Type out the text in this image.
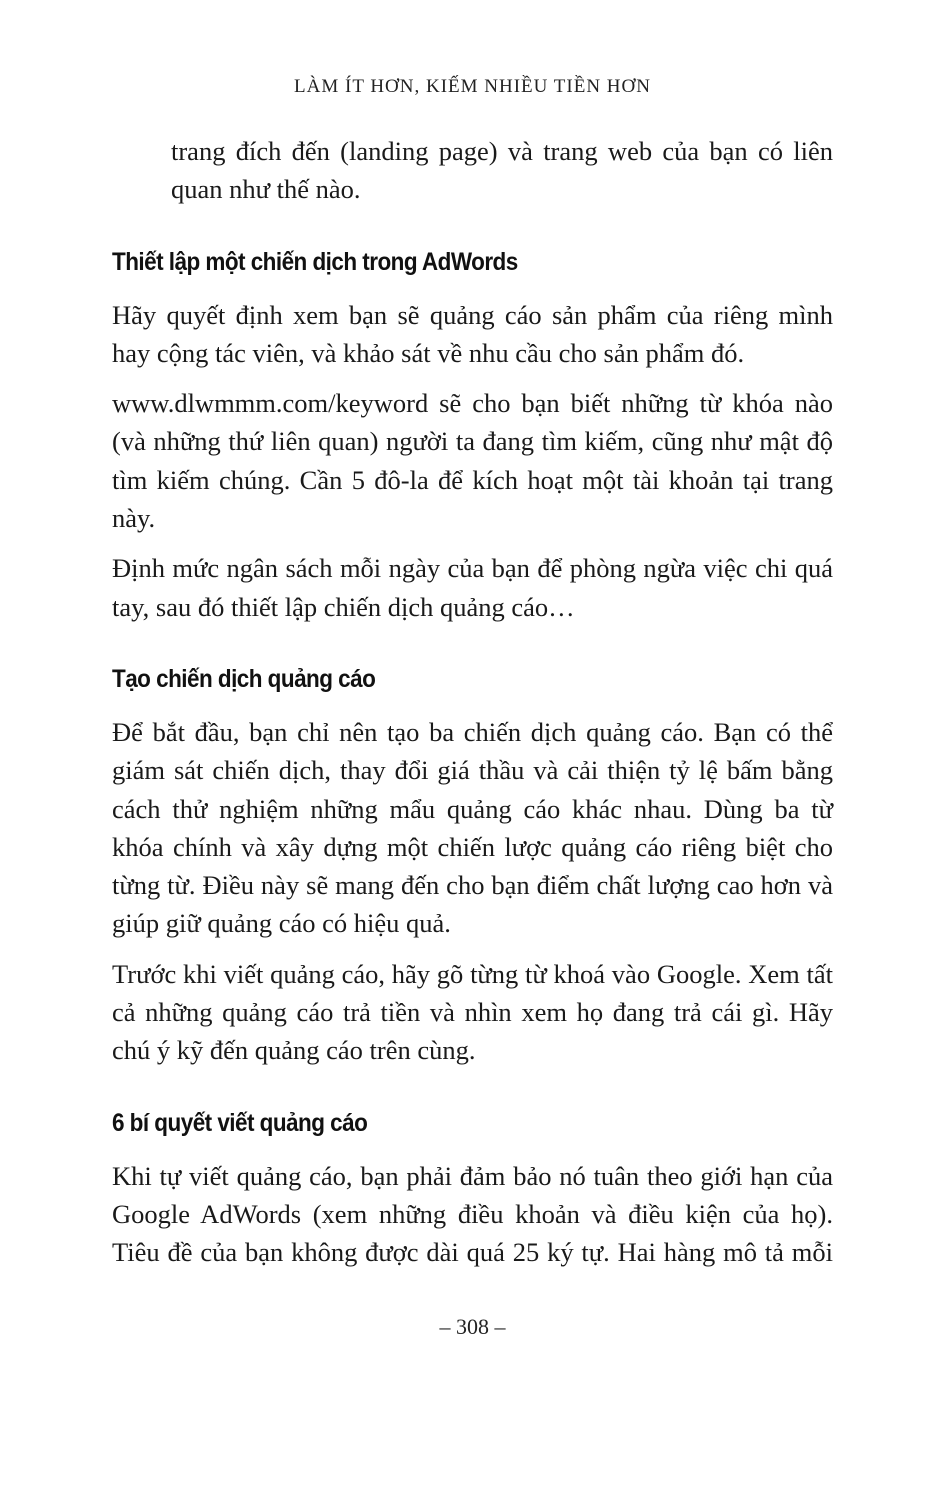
LÀM ÍT HƠN, KIẾM NHIỀU TIỀN HƠN

trang đích đến (landing page) và trang web của bạn có liên quan như thế nào.

Thiết lập một chiến dịch trong AdWords

Hãy quyết định xem bạn sẽ quảng cáo sản phẩm của riêng mình hay cộng tác viên, và khảo sát về nhu cầu cho sản phẩm đó.

www.dlwmmm.com/keyword sẽ cho bạn biết những từ khóa nào (và những thứ liên quan) người ta đang tìm kiếm, cũng như mật độ tìm kiếm chúng. Cần 5 đô-la để kích hoạt một tài khoản tại trang này.

Định mức ngân sách mỗi ngày của bạn để phòng ngừa việc chi quá tay, sau đó thiết lập chiến dịch quảng cáo…

Tạo chiến dịch quảng cáo

Để bắt đầu, bạn chỉ nên tạo ba chiến dịch quảng cáo. Bạn có thể giám sát chiến dịch, thay đổi giá thầu và cải thiện tỷ lệ bấm bằng cách thử nghiệm những mẩu quảng cáo khác nhau. Dùng ba từ khóa chính và xây dựng một chiến lược quảng cáo riêng biệt cho từng từ. Điều này sẽ mang đến cho bạn điểm chất lượng cao hơn và giúp giữ quảng cáo có hiệu quả.

Trước khi viết quảng cáo, hãy gõ từng từ khoá vào Google. Xem tất cả những quảng cáo trả tiền và nhìn xem họ đang trả cái gì. Hãy chú ý kỹ đến quảng cáo trên cùng.

6 bí quyết viết quảng cáo

Khi tự viết quảng cáo, bạn phải đảm bảo nó tuân theo giới hạn của Google AdWords (xem những điều khoản và điều kiện của họ). Tiêu đề của bạn không được dài quá 25 ký tự. Hai hàng mô tả mỗi

– 308 –
